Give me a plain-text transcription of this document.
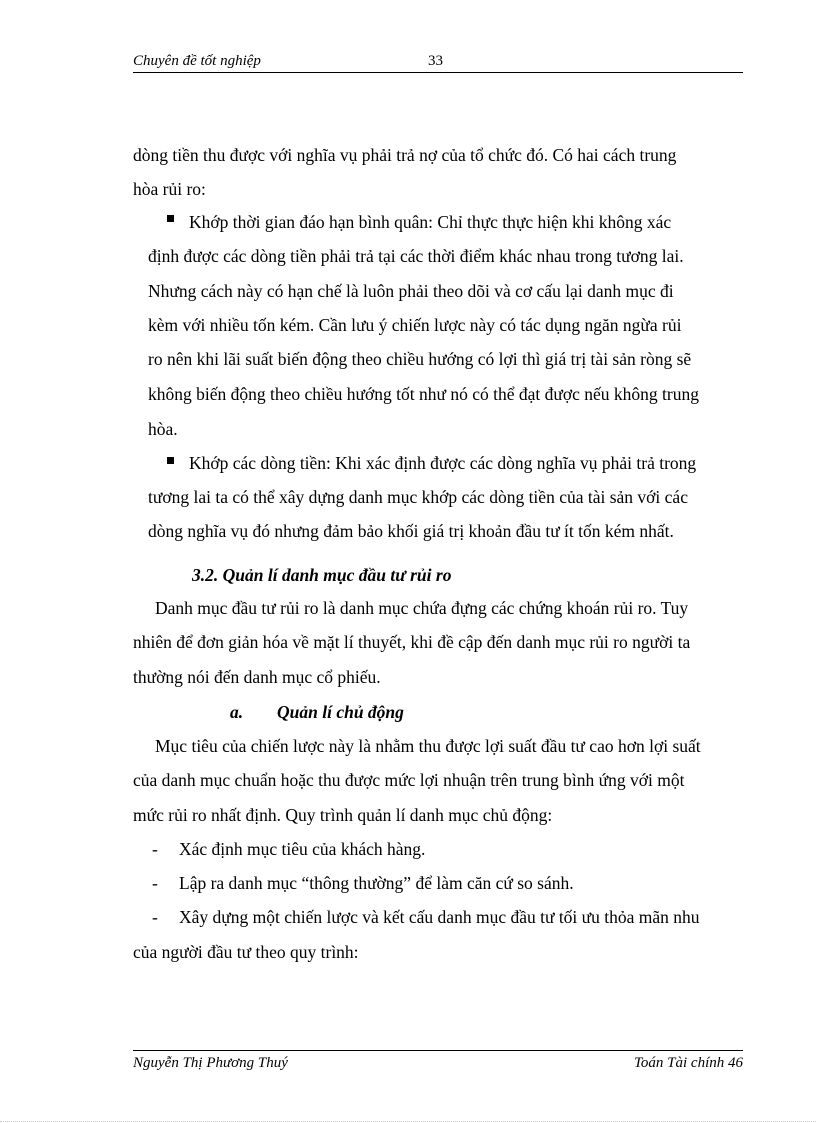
Chuyên đề tốt nghiệp	33
dòng tiền thu được với nghĩa vụ phải trả nợ của tổ chức đó. Có hai cách trung
hòa rủi ro:
Khớp thời gian đáo hạn bình quân: Chỉ thực thực hiện khi không xác
định được các dòng tiền phải trả tại các thời điểm khác nhau trong tương lai.
Nhưng cách này có hạn chế là luôn phải theo dõi và cơ cấu lại danh mục đi
kèm với nhiều tốn kém. Cần lưu ý chiến lược này có tác dụng ngăn ngừa rủi
ro nên khi lãi suất biến động theo chiều hướng có lợi thì giá trị tài sản ròng sẽ
không biến động theo chiều hướng tốt như nó có thể đạt được nếu không trung
hòa.
Khớp các dòng tiền: Khi xác định được các dòng nghĩa vụ phải trả trong
tương lai ta có thể xây dựng danh mục khớp các dòng tiền của tài sản với các
dòng nghĩa vụ đó nhưng đảm bảo khối giá trị khoản đầu tư ít tốn kém nhất.
3.2. Quản lí danh mục đầu tư rủi ro
Danh mục đầu tư rủi ro là danh mục chứa đựng các chứng khoán rủi ro. Tuy
nhiên để đơn giản hóa về mặt lí thuyết, khi đề cập đến danh mục rủi ro người ta
thường nói đến danh mục cổ phiếu.
a. Quản lí chủ động
Mục tiêu của chiến lược này là nhằm thu được lợi suất đầu tư cao hơn lợi suất
của danh mục chuẩn hoặc thu được mức lợi nhuận trên trung bình ứng với một
mức rủi ro nhất định. Quy trình quản lí danh mục chủ động:
- Xác định mục tiêu của khách hàng.
- Lập ra danh mục “thông thường” để làm căn cứ so sánh.
- Xây dựng một chiến lược và kết cấu danh mục đầu tư tối ưu thỏa mãn nhu
của người đầu tư theo quy trình:
Nguyễn Thị Phương Thuý	Toán Tài chính 46
